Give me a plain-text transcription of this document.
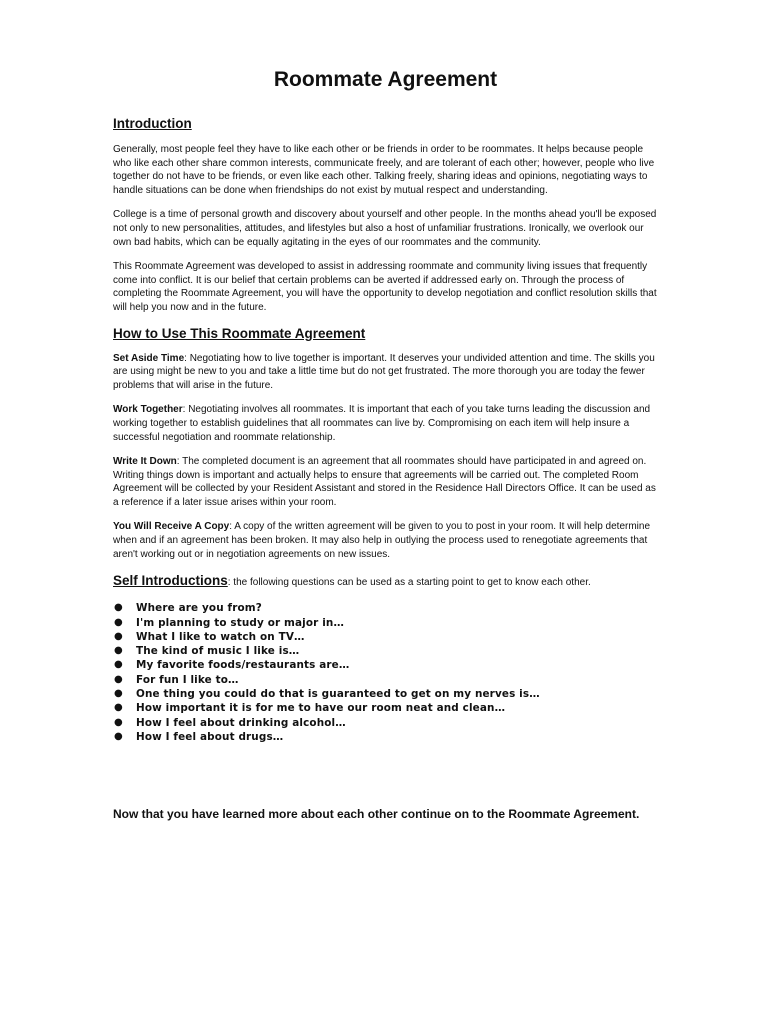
Roommate Agreement
Introduction

Generally, most people feel they have to like each other or be friends in order to be roommates. It helps because people who like each other share common interests, communicate freely, and are tolerant of each other; however, people who live together do not have to be friends, or even like each other. Talking freely, sharing ideas and opinions, negotiating ways to handle situations can be done when friendships do not exist by mutual respect and understanding.

College is a time of personal growth and discovery about yourself and other people. In the months ahead you'll be exposed not only to new personalities, attitudes, and lifestyles but also a host of unfamiliar frustrations. Ironically, we overlook our own bad habits, which can be equally agitating in the eyes of our roommates and the community.

This Roommate Agreement was developed to assist in addressing roommate and community living issues that frequently come into conflict. It is our belief that certain problems can be averted if addressed early on. Through the process of completing the Roommate Agreement, you will have the opportunity to develop negotiation and conflict resolution skills that will help you now and in the future.

How to Use This Roommate Agreement

Set Aside Time: Negotiating how to live together is important. It deserves your undivided attention and time. The skills you are using might be new to you and take a little time but do not get frustrated. The more thorough you are today the fewer problems that will arise in the future.

Work Together: Negotiating involves all roommates. It is important that each of you take turns leading the discussion and working together to establish guidelines that all roommates can live by. Compromising on each item will help insure a successful negotiation and roommate relationship.

Write It Down: The completed document is an agreement that all roommates should have participated in and agreed on. Writing things down is important and actually helps to ensure that agreements will be carried out. The completed Room Agreement will be collected by your Resident Assistant and stored in the Residence Hall Directors Office. It can be used as a reference if a later issue arises within your room.

You Will Receive A Copy: A copy of the written agreement will be given to you to post in your room. It will help determine when and if an agreement has been broken. It may also help in outlying the process used to renegotiate agreements that aren't working out or in negotiation agreements on new issues.

Self Introductions: the following questions can be used as a starting point to get to know each other.
● Where are you from?
● I'm planning to study or major in…
● What I like to watch on TV…
● The kind of music I like is…
● My favorite foods/restaurants are…
● For fun I like to…
● One thing you could do that is guaranteed to get on my nerves is…
● How important it is for me to have our room neat and clean…
● How I feel about drinking alcohol…
● How I feel about drugs…

Now that you have learned more about each other continue on to the Roommate Agreement.
